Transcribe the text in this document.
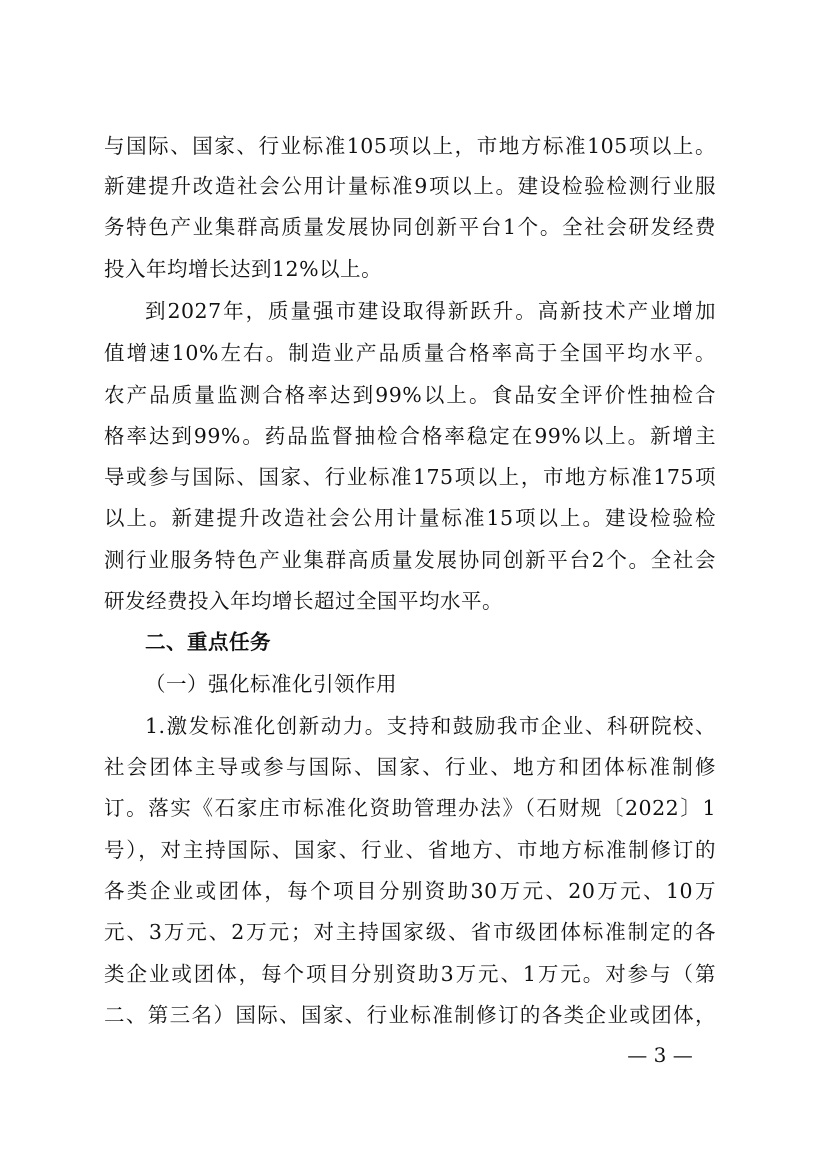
与国际、国家、行业标准105项以上，市地方标准105项以上。
新建提升改造社会公用计量标准9项以上。建设检验检测行业服
务特色产业集群高质量发展协同创新平台1个。全社会研发经费
投入年均增长达到12%以上。
到2027年，质量强市建设取得新跃升。高新技术产业增加
值增速10%左右。制造业产品质量合格率高于全国平均水平。
农产品质量监测合格率达到99%以上。食品安全评价性抽检合
格率达到99%。药品监督抽检合格率稳定在99%以上。新增主
导或参与国际、国家、行业标准175项以上，市地方标准175项
以上。新建提升改造社会公用计量标准15项以上。建设检验检
测行业服务特色产业集群高质量发展协同创新平台2个。全社会
研发经费投入年均增长超过全国平均水平。
二、重点任务
（一）强化标准化引领作用
1.激发标准化创新动力。支持和鼓励我市企业、科研院校、
社会团体主导或参与国际、国家、行业、地方和团体标准制修
订。落实《石家庄市标准化资助管理办法》（石财规〔2022〕1
号），对主持国际、国家、行业、省地方、市地方标准制修订的
各类企业或团体，每个项目分别资助30万元、20万元、10万
元、3万元、2万元；对主持国家级、省市级团体标准制定的各
类企业或团体，每个项目分别资助3万元、1万元。对参与（第
二、第三名）国际、国家、行业标准制修订的各类企业或团体，
— 3 —
